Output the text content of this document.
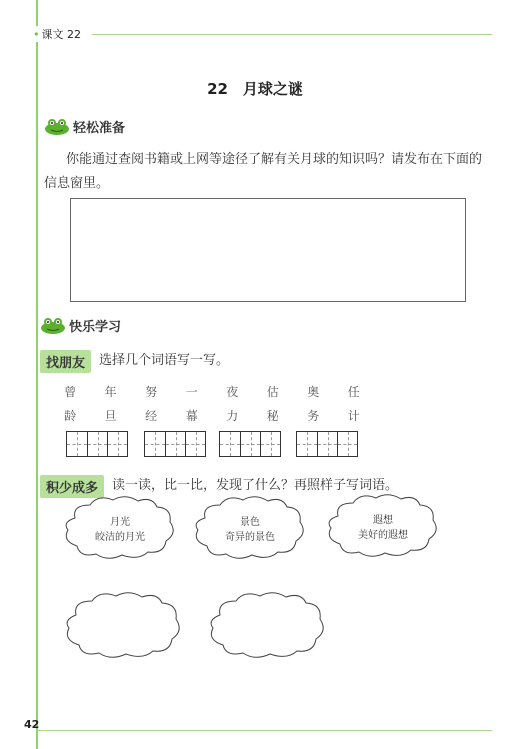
• 课文 22
22　月球之谜
轻松准备
你能通过查阅书籍或上网等途径了解有关月球的知识吗？请发布在下面的
信息窗里。
快乐学习
找朋友	选择几个词语写一写。
曾	年	努	一	夜	估	奥	任
龄	旦	经	幕	力	秘	务	计
积少成多	读一读，比一比，发现了什么？再照样子写词语。
月光
皎洁的月光
景色
奇异的景色
遐想
美好的遐想
42
